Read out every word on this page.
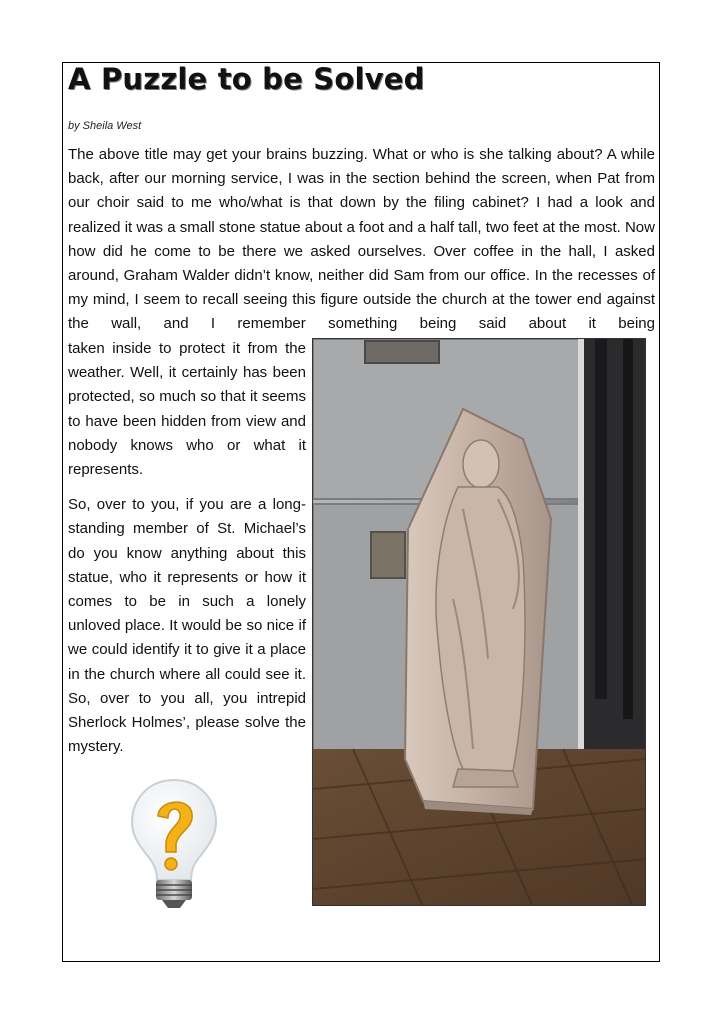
A Puzzle to be Solved
by Sheila West

The above title may get your brains buzzing. What or who is she talking about? A while back, after our morning service, I was in the section behind the screen, when Pat from our choir said to me who/what is that down by the filing cabinet? I had a look and realized it was a small stone statue about a foot and a half tall, two feet at the most. Now how did he come to be there we asked ourselves. Over coffee in the hall, I asked around, Graham Walder didn’t know, neither did Sam from our office. In the recesses of my mind, I seem to recall seeing this figure outside the church at the tower end against the wall, and I remember something being said about it being

taken inside to protect it from the weather. Well, it certainly has been protected, so much so that it seems to have been hidden from view and nobody knows who or what it represents.

So, over to you, if you are a long-standing member of St. Michael’s do you know anything about this statue, who it represents or how it comes to be in such a lonely unloved place. It would be so nice if we could identify it to give it a place in the church where all could see it. So, over to you all, you intrepid Sherlock Holmes’, please solve the mystery.
